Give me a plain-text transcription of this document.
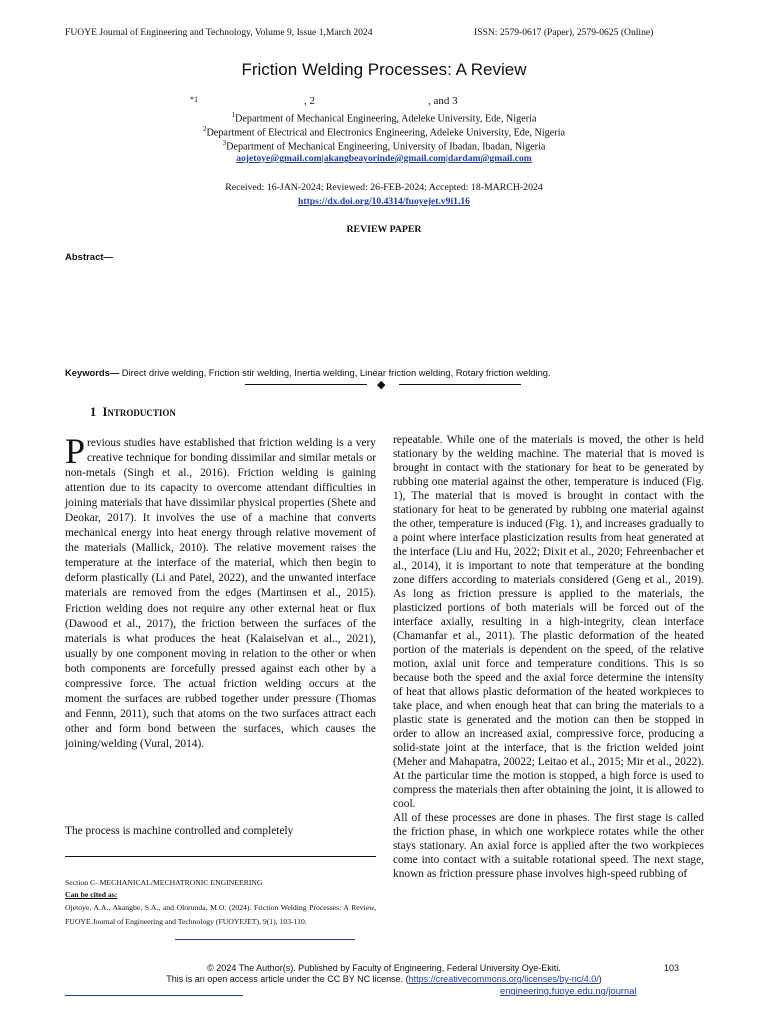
FUOYE Journal of Engineering and Technology, Volume 9, Issue 1,March 2024	ISSN: 2579-0617 (Paper), 2579-0625 (Online)
Friction Welding Processes: A Review
*1	, 2	, and 3
$^1$Department of Mechanical Engineering, Adeleke University, Ede, Nigeria
$^2$Department of Electrical and Electronics Engineering, Adeleke University, Ede, Nigeria
$^3$Department of Mechanical Engineering, University of Ibadan, Ibadan, Nigeria
aojetoye@gmail.com|akangbeayorinde@gmail.com|dardam@gmail.com
Received: 16-JAN-2024; Reviewed: 26-FEB-2024; Accepted: 18-MARCH-2024
https://dx.doi.org/10.4314/fuoyejet.v9i1.16
REVIEW PAPER
Abstract—
Keywords— Direct drive welding, Friction stir welding, Inertia welding, Linear friction welding, Rotary friction welding.
◆
1 Introduction
P revious studies have established that friction welding is a very creative technique for bonding dissimilar and similar metals or non-metals (Singh et al., 2016). Friction welding is gaining attention due to its capacity to overcome attendant difficulties in joining materials that have dissimilar physical properties (Shete and Deokar, 2017). It involves the use of a machine that converts mechanical energy into heat energy through relative movement of the materials (Mallick, 2010). The relative movement raises the temperature at the interface of the material, which then begin to deform plastically (Li and Patel, 2022), and the unwanted interface materials are removed from the edges (Martinsen et al., 2015). Friction welding does not require any other external heat or flux (Dawood et al., 2017), the friction between the surfaces of the materials is what produces the heat (Kalaiselvan et al.., 2021), usually by one component moving in relation to the other or when both components are forcefully pressed against each other by a compressive force. The actual friction welding occurs at the moment the surfaces are rubbed together under pressure (Thomas and Fennn, 2011), such that atoms on the two surfaces attract each other and form bond between the surfaces, which causes the joining/welding (Vural, 2014).

The process is machine controlled and completely

repeatable. While one of the materials is moved, the other is held stationary by the welding machine. The material that is moved is brought in contact with the stationary for heat to be generated by rubbing one material against the other, temperature is induced (Fig. 1), The material that is moved is brought in contact with the stationary for heat to be generated by rubbing one material against the other, temperature is induced (Fig. 1), and increases gradually to a point where interface plasticization results from heat generated at the interface (Liu and Hu, 2022; Dixit et al., 2020; Fehreenbacher et al., 2014), it is important to note that temperature at the bonding zone differs according to materials considered (Geng et al., 2019). As long as friction pressure is applied to the materials, the plasticized portions of both materials will be forced out of the interface axially, resulting in a high-integrity, clean interface (Chamanfar et al., 2011). The plastic deformation of the heated portion of the materials is dependent on the speed, of the relative motion, axial unit force and temperature conditions. This is so because both the speed and the axial force determine the intensity of heat that allows plastic deformation of the heated workpieces to take place, and when enough heat that can bring the materials to a plastic state is generated and the motion can then be stopped in order to allow an increased axial, compressive force, producing a solid-state joint at the interface, that is the friction welded joint (Meher and Mahapatra, 20022; Leitao et al., 2015; Mir et al., 2022). At the particular time the motion is stopped, a high force is used to compress the materials then after obtaining the joint, it is allowed to cool.

All of these processes are done in phases. The first stage is called the friction phase, in which one workpiece rotates while the other stays stationary. An axial force is applied after the two workpieces come into contact with a suitable rotational speed. The next stage, known as friction pressure phase involves high-speed rubbing of

Section C- MECHANICAL/MECHATRONIC ENGINEERING
Can be cited as:
Ojetoye, A.A., Akangbe, S.A., and Olorunda, M.O. (2024). Friction Welding Processes: A Review, FUOYE Journal of Engineering and Technology (FUOYEJET), 9(1), 103-110.
© 2024 The Author(s). Published by Faculty of Engineering, Federal University Oye-Ekiti.
This is an open access article under the CC BY NC license. (https://creativecommons.org/licenses/by-nc/4.0/)
103
engineering.fuoye.edu.ng/journal
